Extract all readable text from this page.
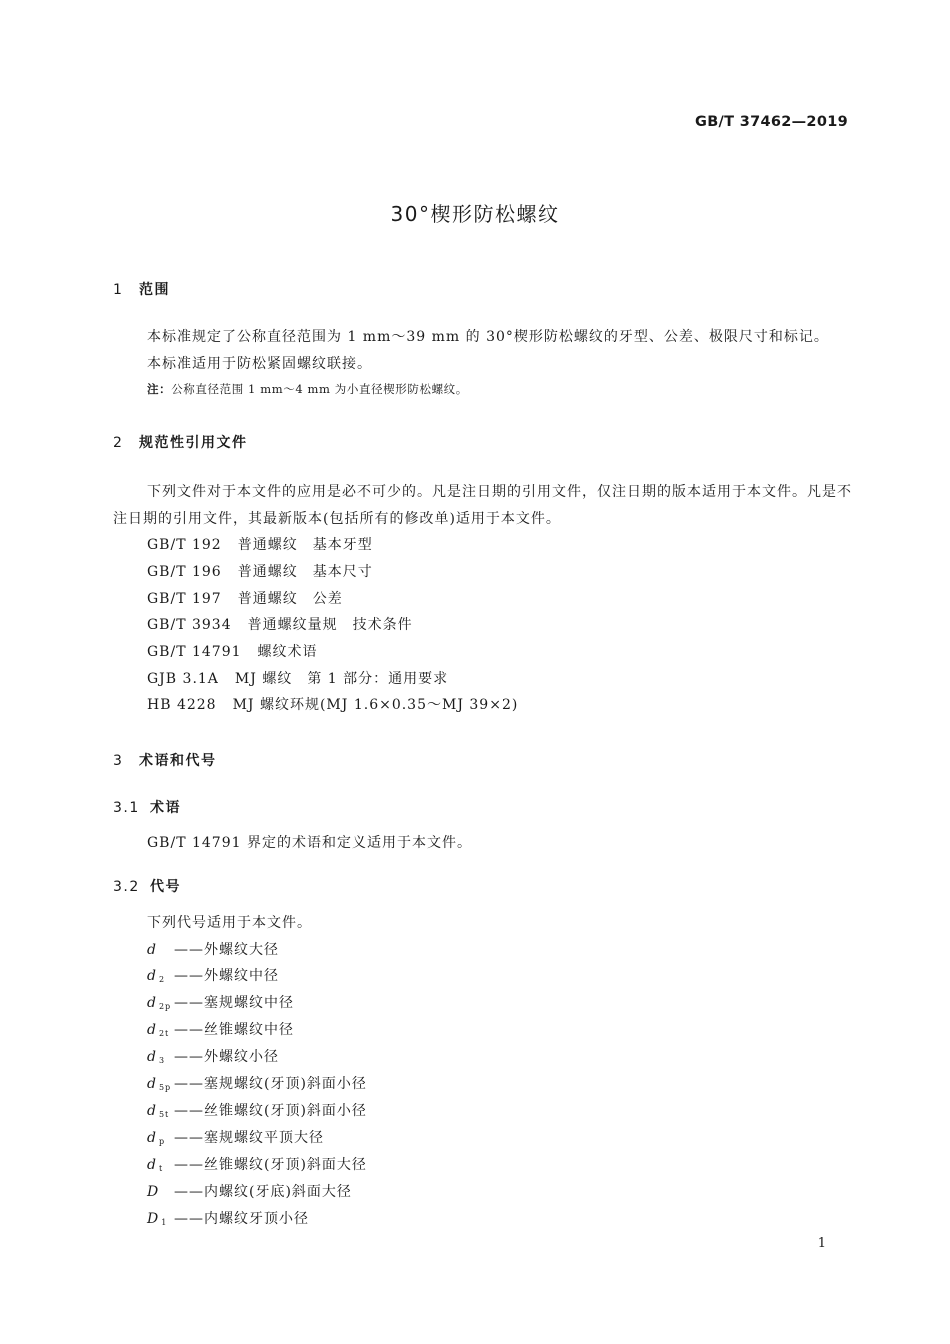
GB/T 37462—2019
30°楔形防松螺纹
1 范围
本标准规定了公称直径范围为 1 mm～39 mm 的 30°楔形防松螺纹的牙型、公差、极限尺寸和标记。
本标准适用于防松紧固螺纹联接。
注：公称直径范围 1 mm～4 mm 为小直径楔形防松螺纹。
2 规范性引用文件
下列文件对于本文件的应用是必不可少的。凡是注日期的引用文件，仅注日期的版本适用于本文件。凡是不注日期的引用文件，其最新版本(包括所有的修改单)适用于本文件。
GB/T 192 普通螺纹　基本牙型
GB/T 196 普通螺纹　基本尺寸
GB/T 197 普通螺纹　公差
GB/T 3934 普通螺纹量规　技术条件
GB/T 14791 螺纹术语
GJB 3.1A MJ 螺纹　第 1 部分：通用要求
HB 4228 MJ 螺纹环规(MJ 1.6×0.35～MJ 39×2)
3 术语和代号
3.1 术语
GB/T 14791 界定的术语和定义适用于本文件。
3.2 代号
下列代号适用于本文件。
d	——外螺纹大径
d $_2$ ——外螺纹中径
d $_{2p}$ ——塞规螺纹中径
d $_{2t}$ ——丝锥螺纹中径
d $_3$ ——外螺纹小径
d $_{5p}$ ——塞规螺纹(牙顶)斜面小径
d $_{5t}$ ——丝锥螺纹(牙顶)斜面小径
d $_p$ ——塞规螺纹平顶大径
d $_t$ ——丝锥螺纹(牙顶)斜面大径
D	——内螺纹(牙底)斜面大径
D $_1$ ——内螺纹牙顶小径
1
